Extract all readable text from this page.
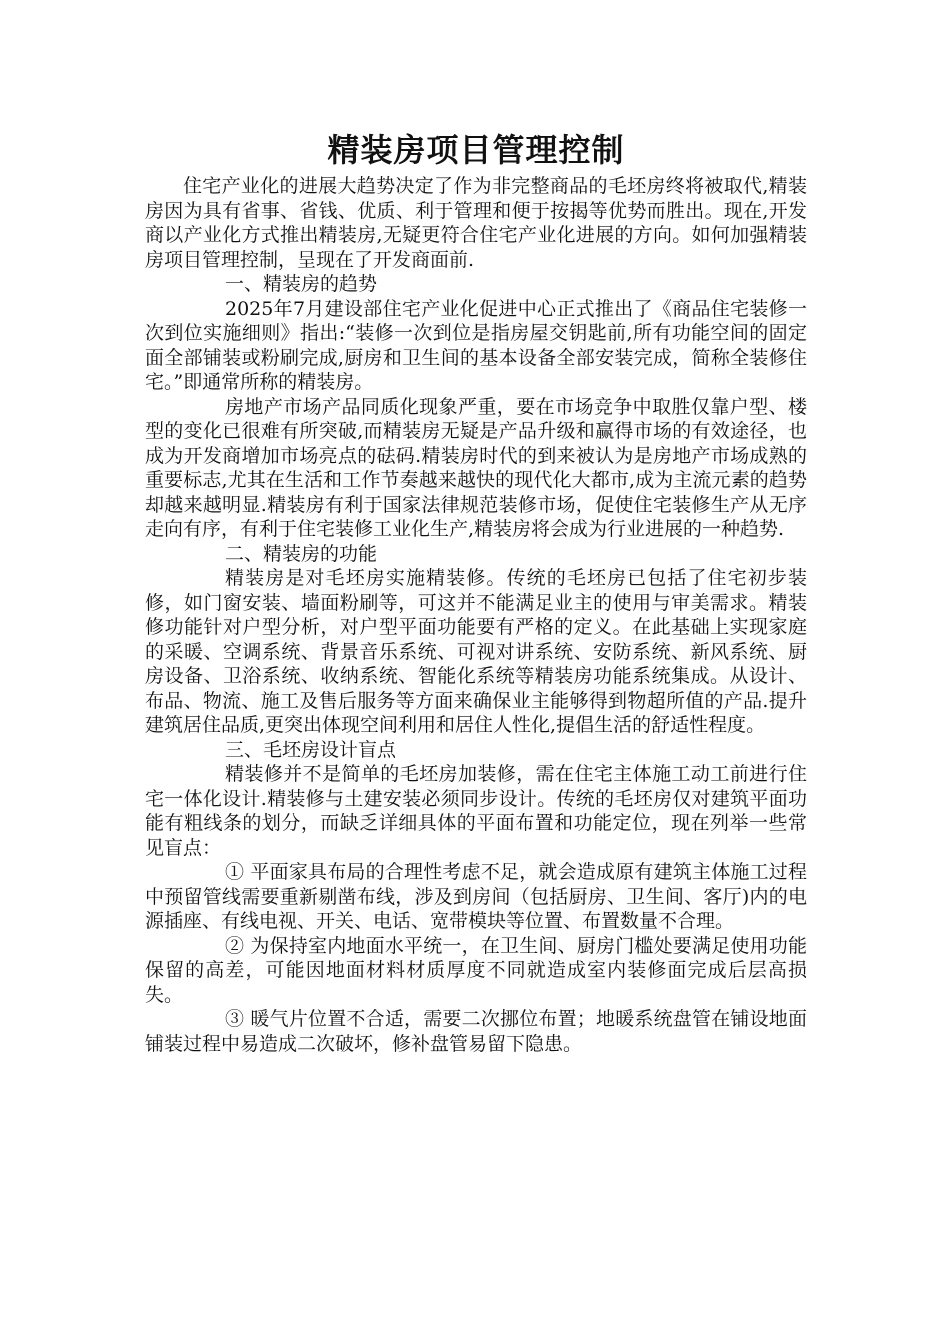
精装房项目管理控制

住宅产业化的进展大趋势决定了作为非完整商品的毛坯房终将被取代,精装房因为具有省事、省钱、优质、利于管理和便于按揭等优势而胜出。现在,开发商以产业化方式推出精装房,无疑更符合住宅产业化进展的方向。如何加强精装房项目管理控制，呈现在了开发商面前.

一、精装房的趋势

2025年7月建设部住宅产业化促进中心正式推出了《商品住宅装修一次到位实施细则》指出:“装修一次到位是指房屋交钥匙前,所有功能空间的固定面全部铺装或粉刷完成,厨房和卫生间的基本设备全部安装完成，简称全装修住宅。”即通常所称的精装房。

房地产市场产品同质化现象严重，要在市场竞争中取胜仅靠户型、楼型的变化已很难有所突破,而精装房无疑是产品升级和赢得市场的有效途径，也成为开发商增加市场亮点的砝码.精装房时代的到来被认为是房地产市场成熟的重要标志,尤其在生活和工作节奏越来越快的现代化大都市,成为主流元素的趋势却越来越明显.精装房有利于国家法律规范装修市场，促使住宅装修生产从无序走向有序，有利于住宅装修工业化生产,精装房将会成为行业进展的一种趋势.

二、精装房的功能

精装房是对毛坯房实施精装修。传统的毛坯房已包括了住宅初步装修，如门窗安装、墙面粉刷等，可这并不能满足业主的使用与审美需求。精装修功能针对户型分析，对户型平面功能要有严格的定义。在此基础上实现家庭的采暖、空调系统、背景音乐系统、可视对讲系统、安防系统、新风系统、厨房设备、卫浴系统、收纳系统、智能化系统等精装房功能系统集成。从设计、布品、物流、施工及售后服务等方面来确保业主能够得到物超所值的产品.提升建筑居住品质,更突出体现空间利用和居住人性化,提倡生活的舒适性程度。

三、毛坯房设计盲点

精装修并不是简单的毛坯房加装修，需在住宅主体施工动工前进行住宅一体化设计.精装修与土建安装必须同步设计。传统的毛坯房仅对建筑平面功能有粗线条的划分，而缺乏详细具体的平面布置和功能定位，现在列举一些常见盲点：

① 平面家具布局的合理性考虑不足，就会造成原有建筑主体施工过程中预留管线需要重新剔凿布线，涉及到房间（包括厨房、卫生间、客厅)内的电源插座、有线电视、开关、电话、宽带模块等位置、布置数量不合理。

② 为保持室内地面水平统一，在卫生间、厨房门槛处要满足使用功能保留的高差，可能因地面材料材质厚度不同就造成室内装修面完成后层高损失。

③ 暖气片位置不合适，需要二次挪位布置；地暖系统盘管在铺设地面铺装过程中易造成二次破坏，修补盘管易留下隐患。
